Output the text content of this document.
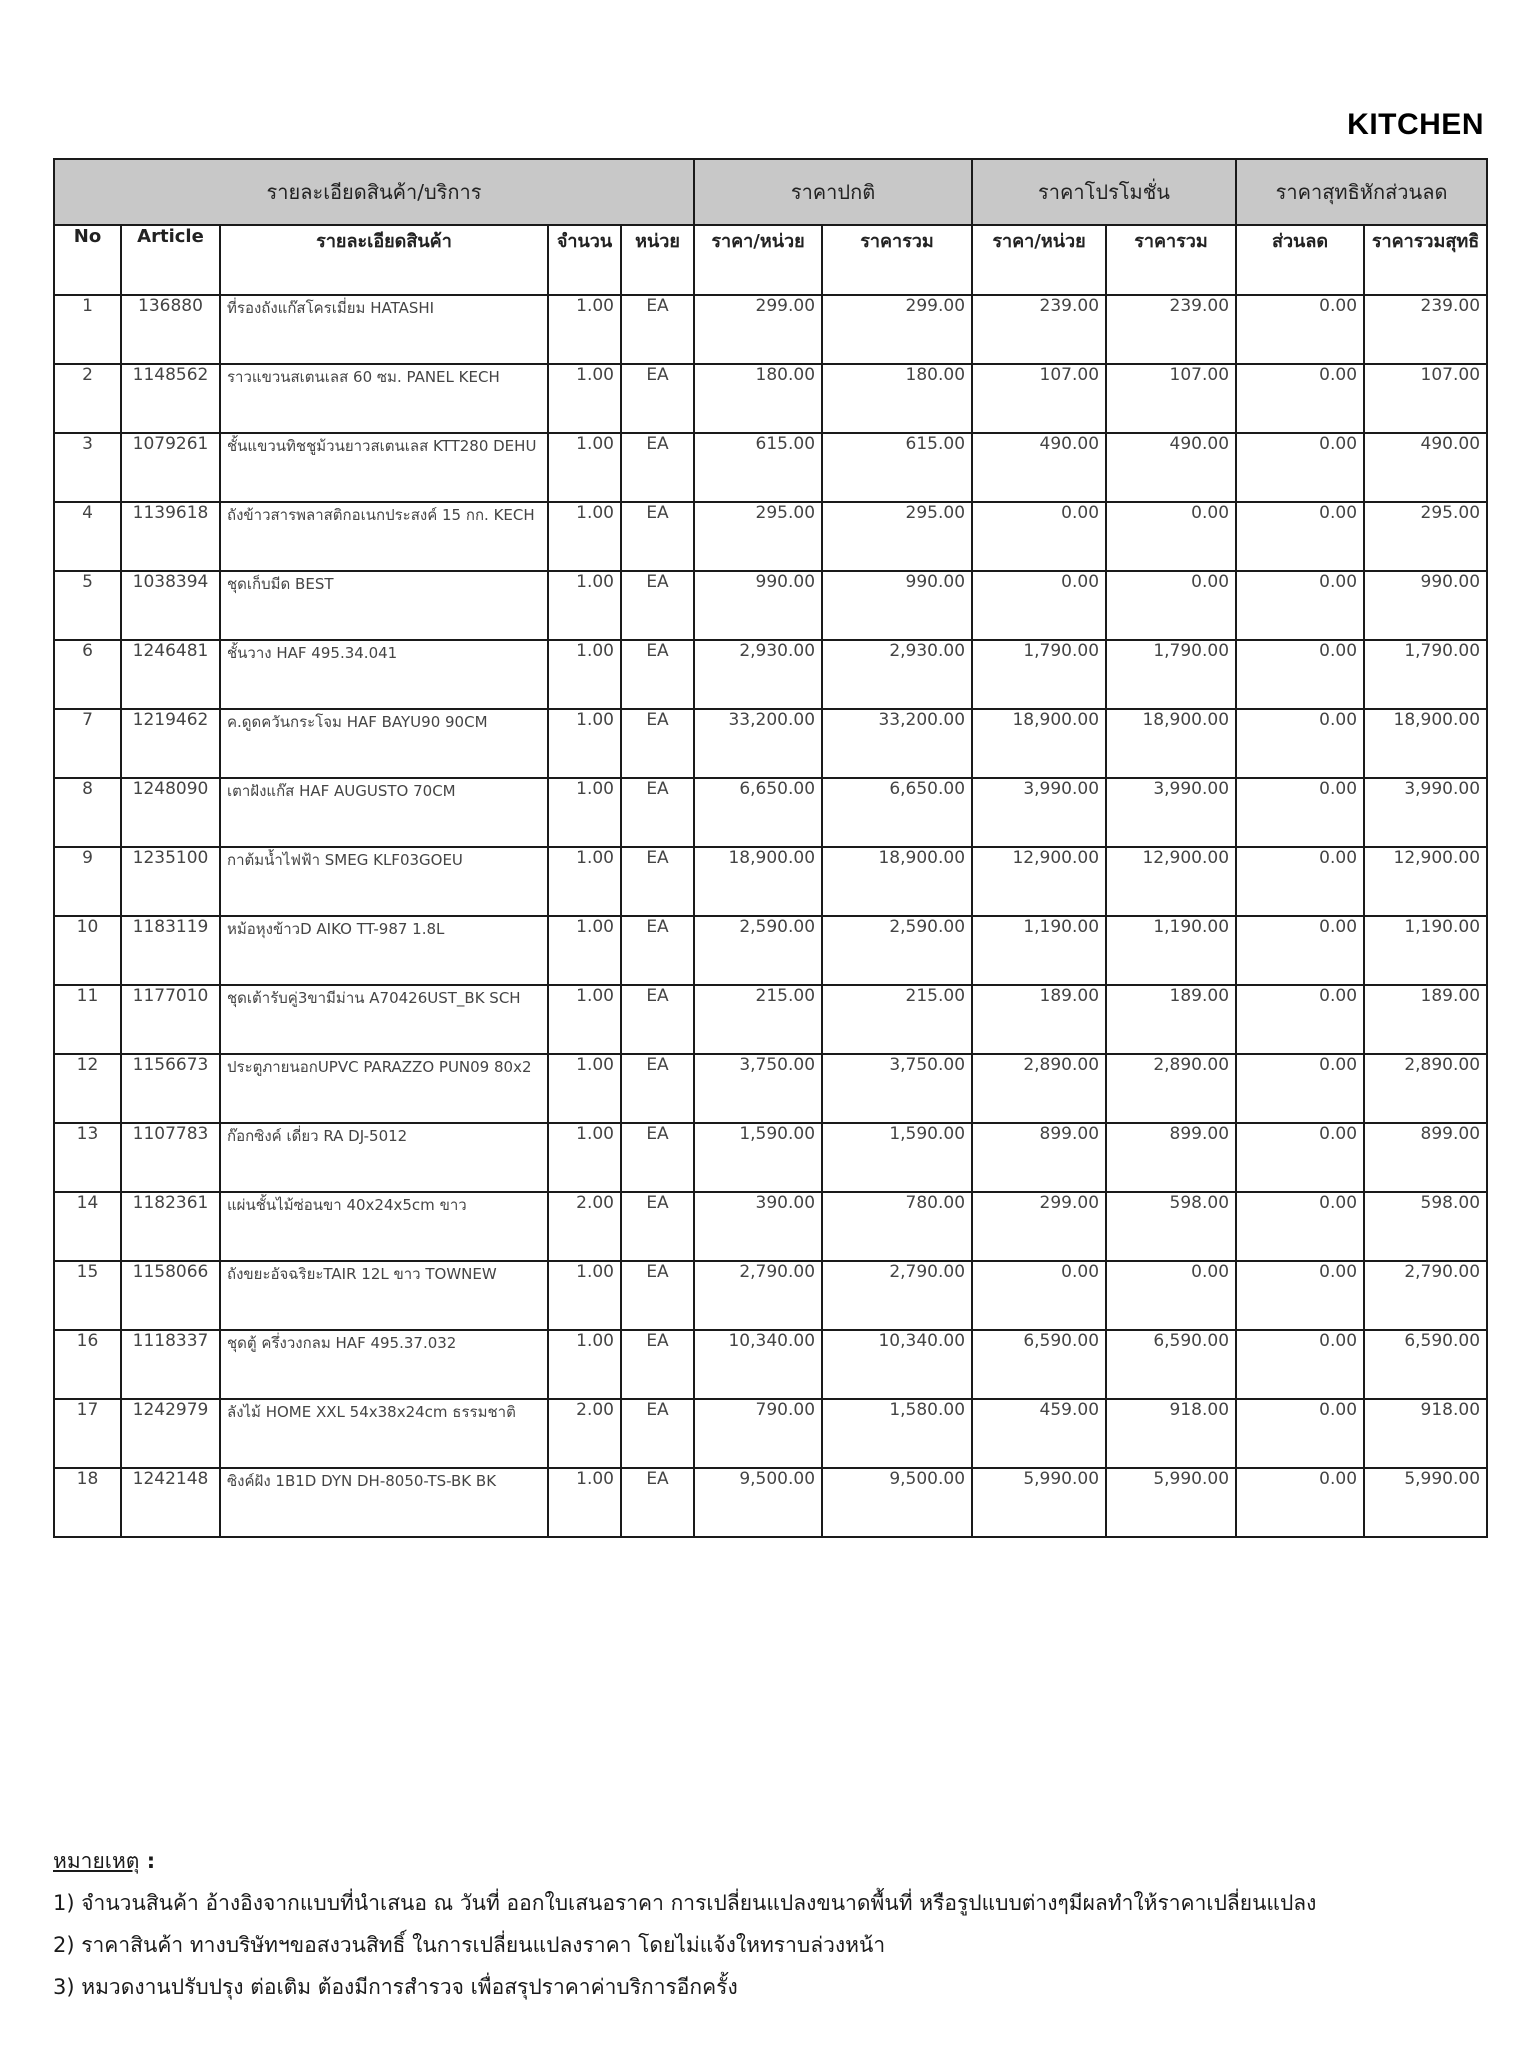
KITCHEN
รายละเอียดสินค้า/บริการ					ราคาปกติ		ราคาโปรโมชั่น		ราคาสุทธิหักส่วนลด	
No	Article	รายละเอียดสินค้า	จำนวน	หน่วย	ราคา/หน่วย	ราคารวม	ราคา/หน่วย	ราคารวม	ส่วนลด	ราคารวมสุทธิ
1	136880	ที่รองถังแก๊สโครเมี่ยม HATASHI	1.00	EA	299.00	299.00	239.00	239.00	0.00	239.00
2	1148562	ราวแขวนสเตนเลส 60 ซม. PANEL KECH	1.00	EA	180.00	180.00	107.00	107.00	0.00	107.00
3	1079261	ชั้นแขวนทิชชูม้วนยาวสเตนเลส KTT280 DEHU	1.00	EA	615.00	615.00	490.00	490.00	0.00	490.00
4	1139618	ถังข้าวสารพลาสติกอเนกประสงค์ 15 กก. KECH	1.00	EA	295.00	295.00	0.00	0.00	0.00	295.00
5	1038394	ชุดเก็บมีด BEST	1.00	EA	990.00	990.00	0.00	0.00	0.00	990.00
6	1246481	ชั้นวาง HAF 495.34.041	1.00	EA	2,930.00	2,930.00	1,790.00	1,790.00	0.00	1,790.00
7	1219462	ค.ดูดควันกระโจม HAF BAYU90 90CM	1.00	EA	33,200.00	33,200.00	18,900.00	18,900.00	0.00	18,900.00
8	1248090	เตาฝังแก๊ส HAF AUGUSTO 70CM	1.00	EA	6,650.00	6,650.00	3,990.00	3,990.00	0.00	3,990.00
9	1235100	กาต้มน้ำไฟฟ้า SMEG KLF03GOEU	1.00	EA	18,900.00	18,900.00	12,900.00	12,900.00	0.00	12,900.00
10	1183119	หม้อหุงข้าวD AIKO TT-987 1.8L	1.00	EA	2,590.00	2,590.00	1,190.00	1,190.00	0.00	1,190.00
11	1177010	ชุดเต้ารับคู่3ขามีม่าน A70426UST_BK SCH	1.00	EA	215.00	215.00	189.00	189.00	0.00	189.00
12	1156673	ประตูภายนอกUPVC PARAZZO PUN09 80x2	1.00	EA	3,750.00	3,750.00	2,890.00	2,890.00	0.00	2,890.00
13	1107783	ก๊อกซิงค์ เดี่ยว RA DJ-5012	1.00	EA	1,590.00	1,590.00	899.00	899.00	0.00	899.00
14	1182361	แผ่นชั้นไม้ซ่อนขา 40x24x5cm ขาว	2.00	EA	390.00	780.00	299.00	598.00	0.00	598.00
15	1158066	ถังขยะอัจฉริยะTAIR 12L ขาว TOWNEW	1.00	EA	2,790.00	2,790.00	0.00	0.00	0.00	2,790.00
16	1118337	ชุดตู้ ครึ่งวงกลม HAF 495.37.032	1.00	EA	10,340.00	10,340.00	6,590.00	6,590.00	0.00	6,590.00
17	1242979	ลังไม้ HOME XXL 54x38x24cm ธรรมชาติ	2.00	EA	790.00	1,580.00	459.00	918.00	0.00	918.00
18	1242148	ซิงค์ฝัง 1B1D DYN DH-8050-TS-BK BK	1.00	EA	9,500.00	9,500.00	5,990.00	5,990.00	0.00	5,990.00
หมายเหตุ :
1) จำนวนสินค้า อ้างอิงจากแบบที่นำเสนอ ณ วันที่ ออกใบเสนอราคา การเปลี่ยนแปลงขนาดพื้นที่ หรือรูปแบบต่างๆมีผลทำให้ราคาเปลี่ยนแปลง
2) ราคาสินค้า ทางบริษัทฯขอสงวนสิทธิ์ ในการเปลี่ยนแปลงราคา โดยไม่แจ้งใหทราบล่วงหน้า
3) หมวดงานปรับปรุง ต่อเติม ต้องมีการสำรวจ เพื่อสรุปราคาค่าบริการอีกครั้ง
